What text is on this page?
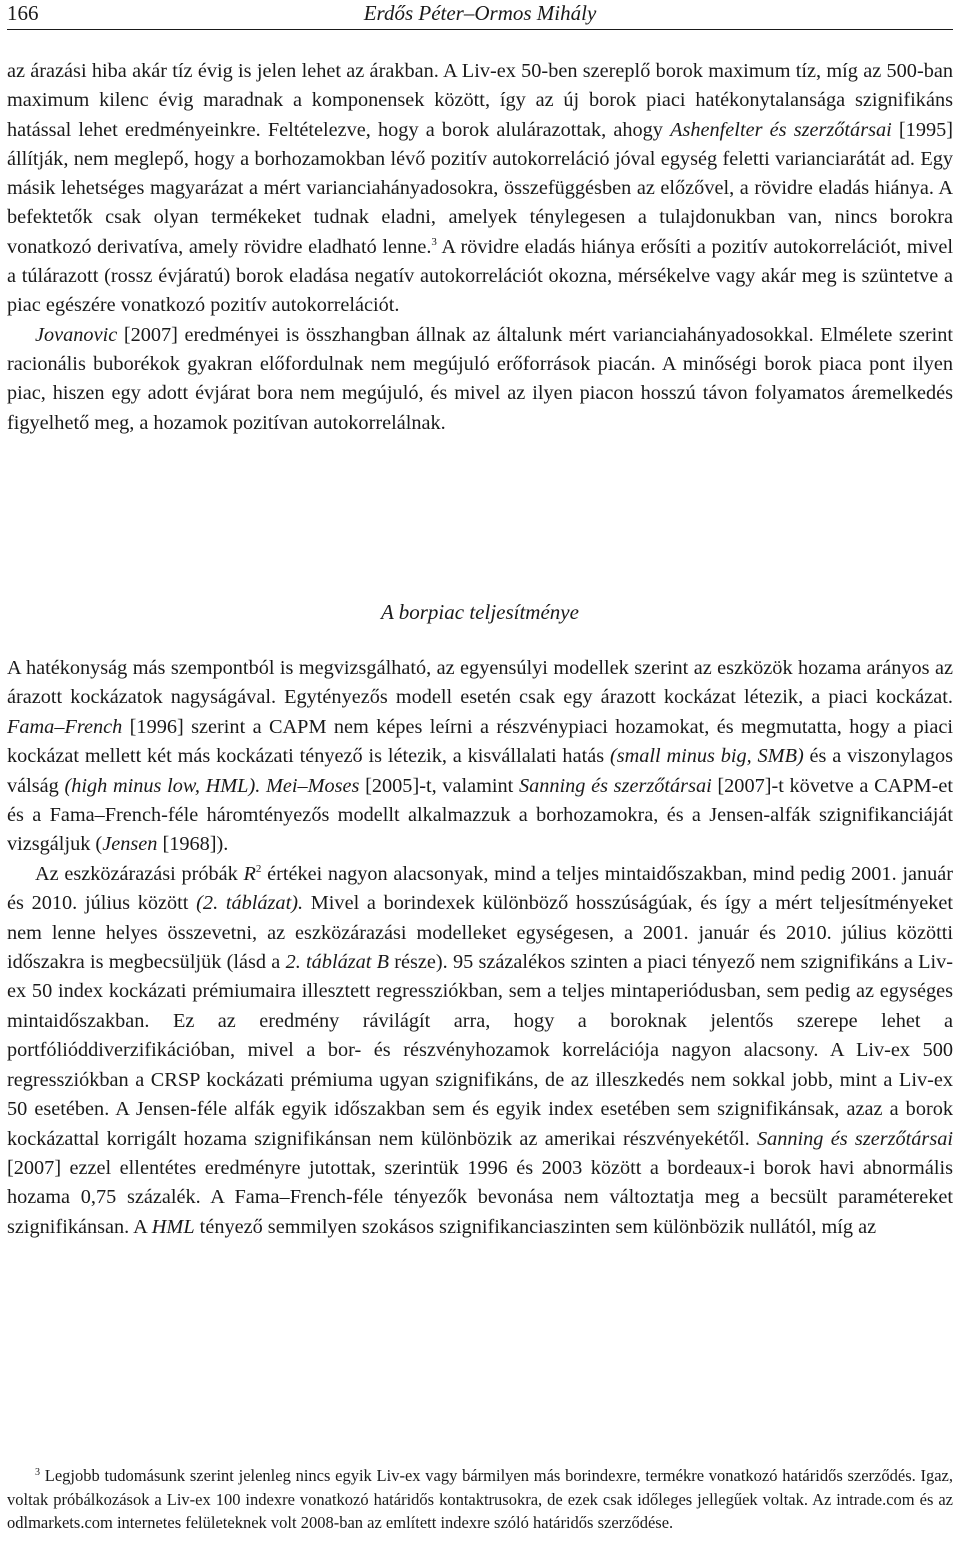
166	Erdős Péter–Ormos Mihály

az árazási hiba akár tíz évig is jelen lehet az árakban. A Liv-ex 50-ben szereplő borok maximum tíz, míg az 500-ban maximum kilenc évig maradnak a komponensek között, így az új borok piaci hatékonytalansága szignifikáns hatással lehet eredményeinkre. Feltételezve, hogy a borok alulárazottak, ahogy Ashenfelter és szerzőtársai [1995] állítják, nem meglepő, hogy a borhozamokban lévő pozitív autokorreláció jóval egység feletti varianciarátát ad. Egy másik lehetséges magyarázat a mért varianciahányadosokra, összefüggésben az előzővel, a rövidre eladás hiánya. A befektetők csak olyan termékeket tudnak eladni, amelyek ténylegesen a tulajdonukban van, nincs borokra vonatkozó derivatíva, amely rövidre eladható lenne.$^3$ A rövidre eladás hiánya erősíti a pozitív autokorrelációt, mivel a túlárazott (rossz évjáratú) borok eladása negatív autokorrelációt okozna, mérsékelve vagy akár meg is szüntetve a piac egészére vonatkozó pozitív autokorrelációt.

Jovanovic [2007] eredményei is összhangban állnak az általunk mért varianciahányadosokkal. Elmélete szerint racionális buborékok gyakran előfordulnak nem megújuló erőforrások piacán. A minőségi borok piaca pont ilyen piac, hiszen egy adott évjárat bora nem megújuló, és mivel az ilyen piacon hosszú távon folyamatos áremelkedés figyelhető meg, a hozamok pozitívan autokorrelálnak.

A borpiac teljesítménye

A hatékonyság más szempontból is megvizsgálható, az egyensúlyi modellek szerint az eszközök hozama arányos az árazott kockázatok nagyságával. Egytényezős modell esetén csak egy árazott kockázat létezik, a piaci kockázat. Fama–French [1996] szerint a CAPM nem képes leírni a részvénypiaci hozamokat, és megmutatta, hogy a piaci kockázat mellett két más kockázati tényező is létezik, a kisvállalati hatás (small minus big, SMB) és a viszonylagos válság (high minus low, HML). Mei–Moses [2005]-t, valamint Sanning és szerzőtársai [2007]-t követve a CAPM-et és a Fama–French-féle háromtényezős modellt alkalmazzuk a borhozamokra, és a Jensen-alfák szignifikanciáját vizsgáljuk (Jensen [1968]).

Az eszközárazási próbák $R^2$ értékei nagyon alacsonyak, mind a teljes mintaidőszakban, mind pedig 2001. január és 2010. július között (2. táblázat). Mivel a borindexek különböző hosszúságúak, és így a mért teljesítményeket nem lenne helyes összevetni, az eszközárazási modelleket egységesen, a 2001. január és 2010. július közötti időszakra is megbecsüljük (lásd a 2. táblázat B része). 95 százalékos szinten a piaci tényező nem szignifikáns a Liv-ex 50 index kockázati prémiumaira illesztett regressziókban, sem a teljes mintaperiódusban, sem pedig az egységes mintaidőszakban. Ez az eredmény rávilágít arra, hogy a boroknak jelentős szerepe lehet a portfólióddiverzifikációban, mivel a bor- és részvényhozamok korrelációja nagyon alacsony. A Liv-ex 500 regressziókban a CRSP kockázati prémiuma ugyan szignifikáns, de az illeszkedés nem sokkal jobb, mint a Liv-ex 50 esetében. A Jensen-féle alfák egyik időszakban sem és egyik index esetében sem szignifikánsak, azaz a borok kockázattal korrigált hozama szignifikánsan nem különbözik az amerikai részvényekétől. Sanning és szerzőtársai [2007] ezzel ellentétes eredményre jutottak, szerintük 1996 és 2003 között a bordeaux-i borok havi abnormális hozama 0,75 százalék. A Fama–French-féle tényezők bevonása nem változtatja meg a becsült paramétereket szignifikánsan. A HML tényező semmilyen szokásos szignifikanciaszinten sem különbözik nullától, míg az

$^3$ Legjobb tudomásunk szerint jelenleg nincs egyik Liv-ex vagy bármilyen más borindexre, termékre vonatkozó határidős szerződés. Igaz, voltak próbálkozások a Liv-ex 100 indexre vonatkozó határidős kontaktrusokra, de ezek csak időleges jellegűek voltak. Az intrade.com és az odlmarkets.com internetes felületeknek volt 2008-ban az említett indexre szóló határidős szerződése.
